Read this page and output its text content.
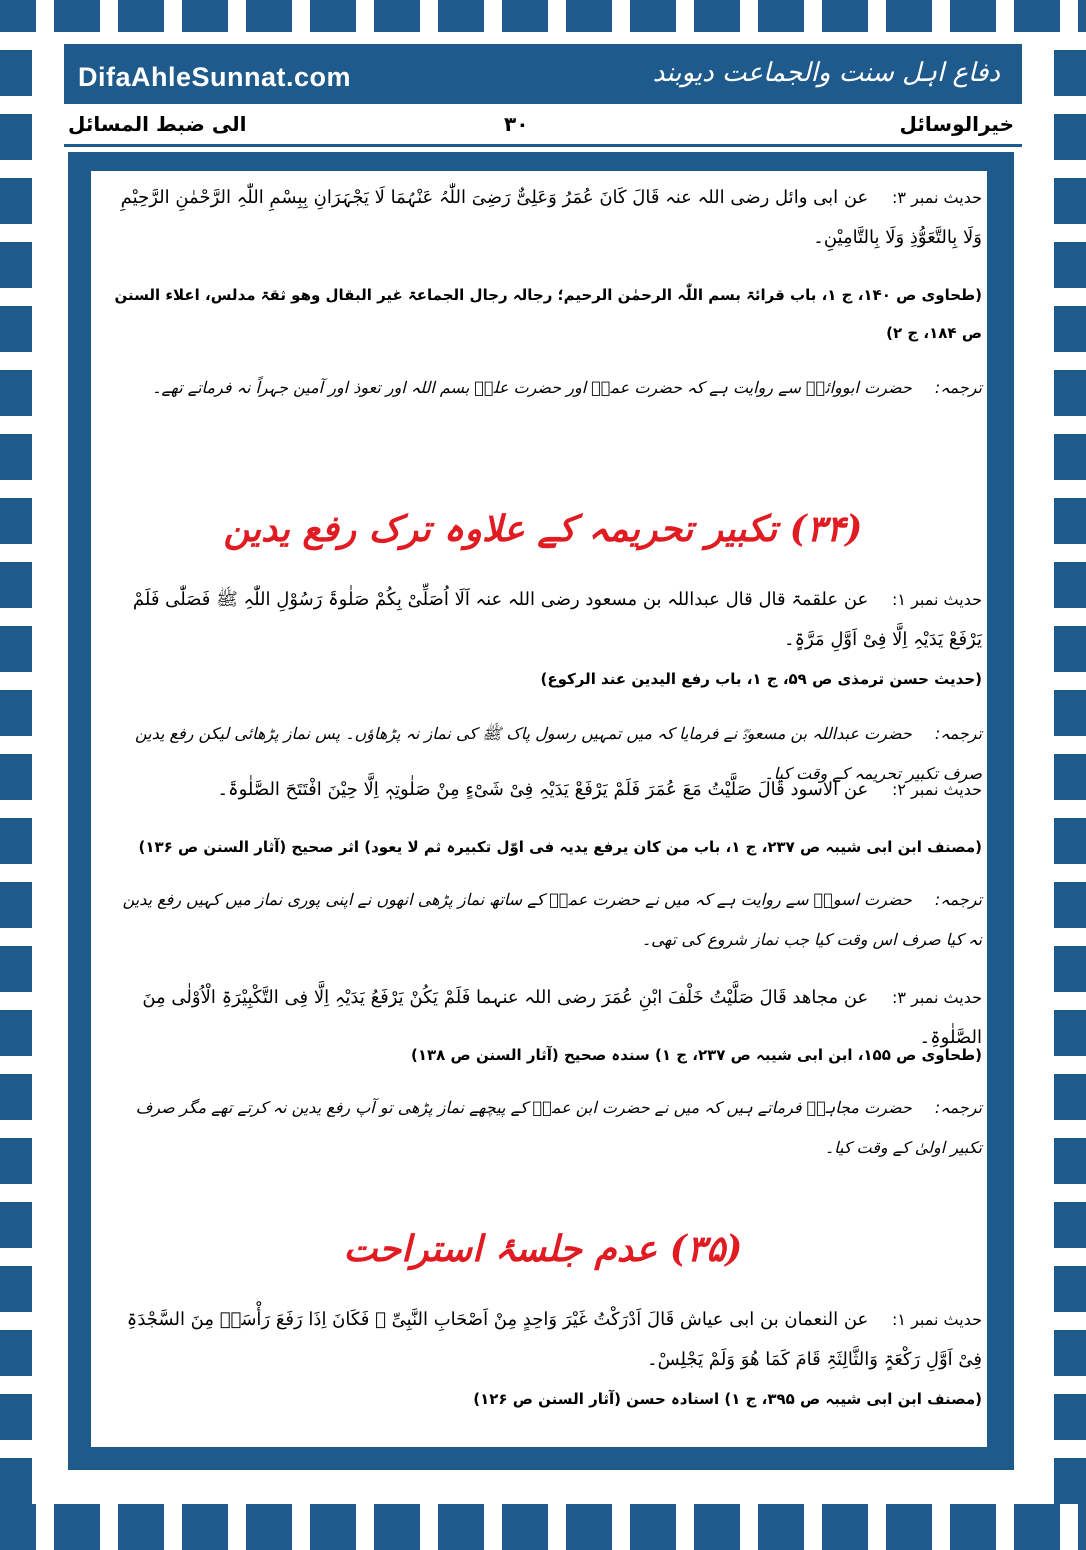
DifaAhleSunnat.com	دفاع اہل سنت والجماعت دیوبند
الی ضبط المسائل	۳۰	خیرالوسائل
حدیث نمبر ۳: عن ابی وائل رضی اللہ عنہ قَالَ کَانَ عُمَرُ وَعَلِیٌّ رَضِیَ اللّٰہُ عَنْہُمَا لَا یَجْہَرَانِ بِبِسْمِ اللّٰہِ الرَّحْمٰنِ الرَّحِیْمِ وَلَا بِالتَّعَوُّذِ وَلَا بِالتَّامِیْنِ۔
(طحاوی ص ۱۴۰، ج ۱، باب قرائۃ بسم اللّٰہ الرحمٰن الرحیم؛ رجالہ رجال الجماعۃ غیر البقال وھو ثقۃ مدلس، اعلاء السنن ص ۱۸۴، ج ۲)
ترجمہ: حضرت ابووائلؒ سے روایت ہے کہ حضرت عمرؓ اور حضرت علیؓ بسم اللہ اور تعوذ اور آمین جہراً نہ فرماتے تھے۔
(۳۴) تکبیر تحریمہ کے علاوہ ترک رفع یدین
حدیث نمبر ۱: عن علقمۃ قال قال عبداللہ بن مسعود رضی اللہ عنہ اَلَا اُصَلِّیْ بِکُمْ صَلٰوۃَ رَسُوْلِ اللّٰہِ ﷺ فَصَلّٰی فَلَمْ یَرْفَعْ یَدَیْہِ اِلَّا فِیْ اَوَّلِ مَرَّۃٍ۔
(حدیث حسن ترمذی ص ۵۹، ج ۱، باب رفع الیدین عند الرکوع)
ترجمہ: حضرت عبداللہ بن مسعودؓ نے فرمایا کہ میں تمہیں رسول پاک ﷺ کی نماز نہ پڑھاؤں۔ پس نماز پڑھائی لیکن رفع یدین صرف تکبیر تحریمہ کے وقت کیا۔
حدیث نمبر ۲: عن الاسود قَالَ صَلَّیْتُ مَعَ عُمَرَ فَلَمْ یَرْفَعْ یَدَیْہِ فِیْ شَیْءٍ مِنْ صَلٰوتِہٖ اِلَّا حِیْنَ افْتَتَحَ الصَّلٰوۃَ۔
(مصنف ابن ابی شیبہ ص ۲۳۷، ج ۱، باب من کان یرفع یدیہ فی اوّل تکبیرہ ثم لا یعود) اثر صحیح (آثار السنن ص ۱۳۶)
ترجمہ: حضرت اسودؒ سے روایت ہے کہ میں نے حضرت عمرؓ کے ساتھ نماز پڑھی انھوں نے اپنی پوری نماز میں کہیں رفع یدین نہ کیا صرف اس وقت کیا جب نماز شروع کی تھی۔
حدیث نمبر ۳: عن مجاھد قَالَ صَلَّیْتُ خَلْفَ ابْنِ عُمَرَ رضی اللہ عنہما فَلَمْ یَکُنْ یَرْفَعُ یَدَیْہِ اِلَّا فِی التَّکْبِیْرَۃِ الْاُوْلٰی مِنَ الصَّلٰوۃِ۔
(طحاوی ص ۱۵۵، ابن ابی شیبہ ص ۲۳۷، ج ۱) سندہ صحیح (آثار السنن ص ۱۳۸)
ترجمہ: حضرت مجاہدؒ فرماتے ہیں کہ میں نے حضرت ابن عمرؓ کے پیچھے نماز پڑھی تو آپ رفع یدین نہ کرتے تھے مگر صرف تکبیر اولیٰ کے وقت کیا۔
(۳۵) عدم جلسۂ استراحت
حدیث نمبر ۱: عن النعمان بن ابی عیاش قَالَ اَدْرَکْتُ غَیْرَ وَاحِدٍ مِنْ اَصْحَابِ النَّبِیِّ ﷺ فَکَانَ اِذَا رَفَعَ رَأْسَہٗ مِنَ السَّجْدَۃِ فِیْ اَوَّلِ رَکْعَۃٍ وَالثَّالِثَۃِ قَامَ کَمَا ھُوَ وَلَمْ یَجْلِسْ۔
(مصنف ابن ابی شیبہ ص ۳۹۵، ج ۱) اسنادہ حسن (آثار السنن ص ۱۲۶)
